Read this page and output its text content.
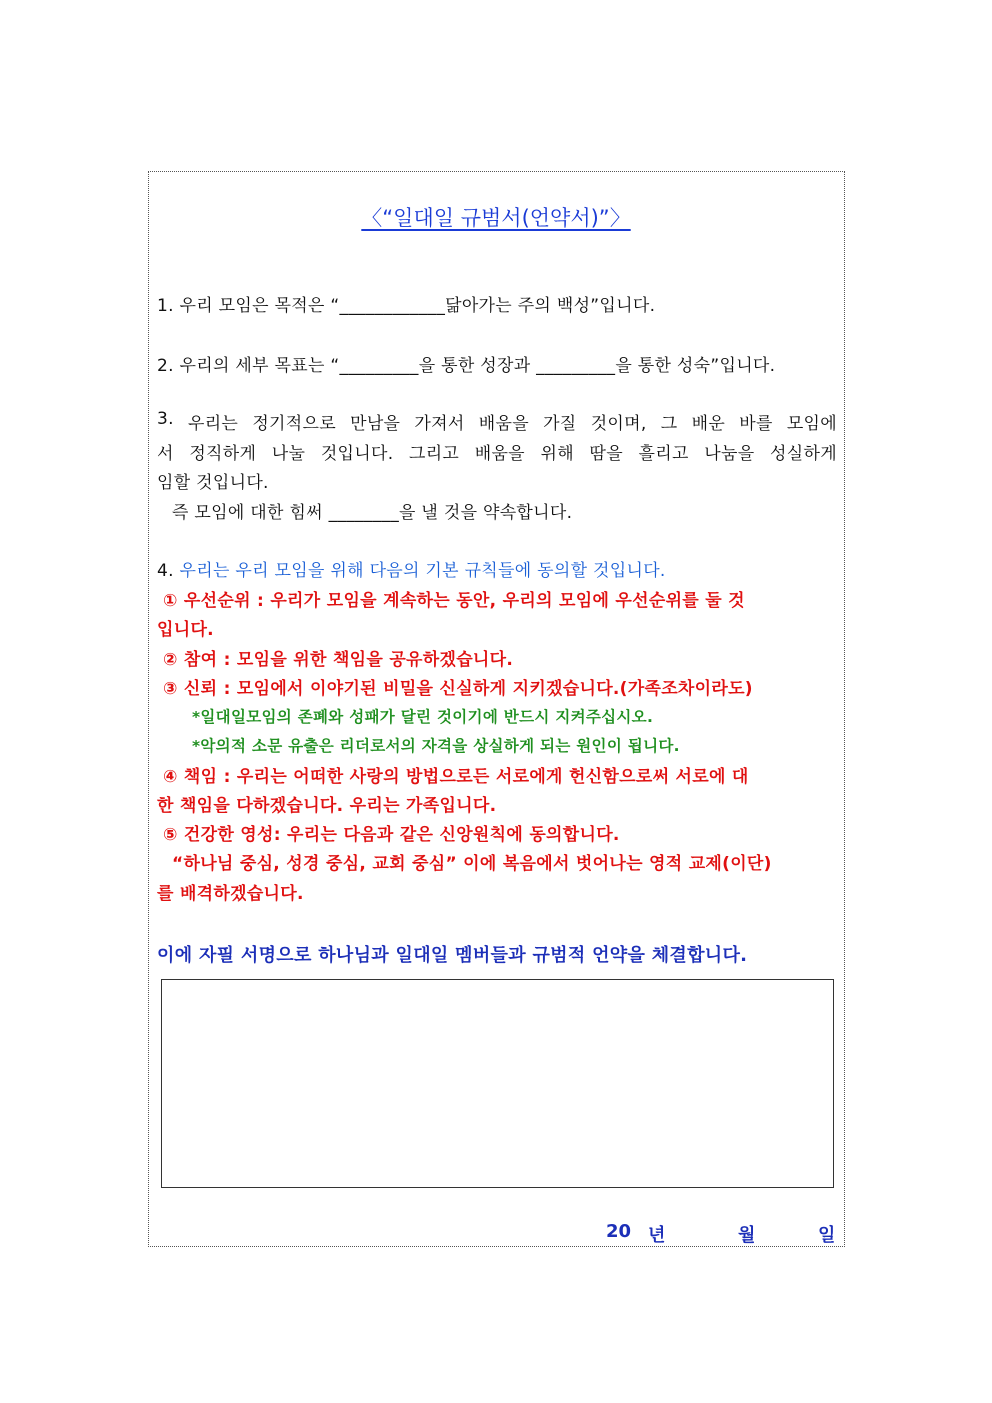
〈“일대일 규범서(언약서)”〉
1. 우리 모임은 목적은 “____________닮아가는 주의 백성”입니다.
2. 우리의 세부 목표는 “_________을 통한 성장과 _________을 통한 성숙”입니다.
3. 우리는 정기적으로 만남을 가져서 배움을 가질 것이며, 그 배운 바를 모임에
서 정직하게 나눌 것입니다. 그리고 배움을 위해 땀을 흘리고 나눔을 성실하게
임할 것입니다.
즉 모임에 대한 힘써 ________을 낼 것을 약속합니다.
4. 우리는 우리 모임을 위해 다음의 기본 규칙들에 동의할 것입니다.
① 우선순위 : 우리가 모임을 계속하는 동안, 우리의 모임에 우선순위를 둘 것
입니다.
② 참여 : 모임을 위한 책임을 공유하겠습니다.
③ 신뢰 : 모임에서 이야기된 비밀을 신실하게 지키겠습니다.(가족조차이라도)
*일대일모임의 존폐와 성패가 달린 것이기에 반드시 지켜주십시오.
*악의적 소문 유출은 리더로서의 자격을 상실하게 되는 원인이 됩니다.
④ 책임 : 우리는 어떠한 사랑의 방법으로든 서로에게 헌신함으로써 서로에 대
한 책임을 다하겠습니다. 우리는 가족입니다.
⑤ 건강한 영성: 우리는 다음과 같은 신앙원칙에 동의합니다.
“하나님 중심, 성경 중심, 교회 중심” 이에 복음에서 벗어나는 영적 교제(이단)
를 배격하겠습니다.
이에 자필 서명으로 하나님과 일대일 멤버들과 규범적 언약을 체결합니다.
20 년	월	일
